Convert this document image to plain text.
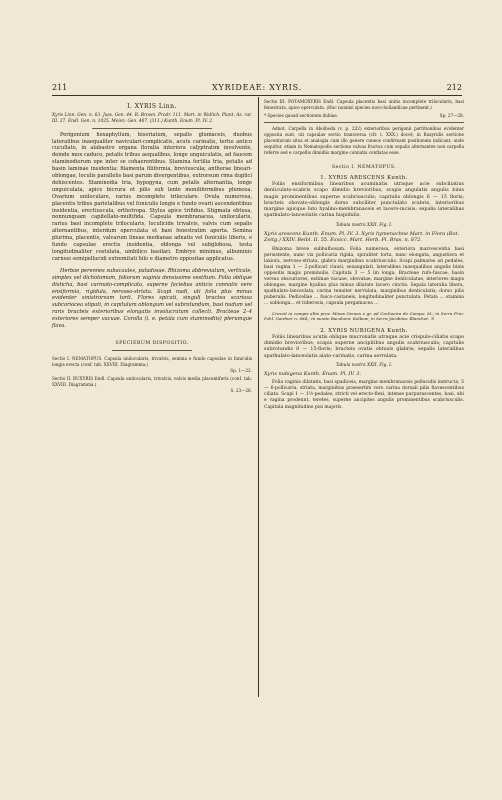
211	XYRIDEAE: XYRIS.	212

I. XYRIS Linn.

Xyris Linn. Gen. n. 63. Juss. Gen. 44. R. Brown. Prodr. 111. Mart. in Wallich. Plant. As. rar. III. 27. Endl. Gen. n. 1025. Meisn. Gen. 407. (311.) Kunth. Enum. Pl. IV. 2.

Perigonium hexaphyllum, biseriatum, sepalis glumaceis, duobus lateralibus inaequaliter naviculari-complicatis, acute carinatis, tertio antico cucullato, in alabastro organa floralia interiora calyptratim involvente, deinde mox caduco, petalis tribus aequalibus, longe unguiculatis, ad faucem staminodiorum ope inter se cohaerentibus. Stamina fertilia tria, petalis ad basin laminae insidentia: filamenta filiformia, breviuscula; antherae lineari-oblongae, loculis parallelis basi parum divergentibus, extrorsum rima duplici dehiscentes. Staminodia tria, hypogyna, cum petalis alternantia, longe unguiculata, apice bicrura et pilis sub lente moniliformibus plumosa. Ovarium uniloculare, rarius incomplete triloculare. Ovula numerosa, placentis tribus parietalibus vel funiculis longis e fundo ovarii ascendentibus insidentia, erectiuscula, orthotropa. Stylus apice trifidus. Stigmata obtusa, nonnunquam capitellato-multifida. Capsula membranacea, unilocularis, rarius basi incomplete trilocularis, loculicide trivalvis, valvis cum sepalis alternantibus, interdum operculata et basi fenestratim aperta. Semina plurima, placentis, valvarum lineae medianae adnatis vel funiculis liberis, e fundo capsulae erectis insidentia, oblonga vel subglobosa, testa longitudinaliter costulata, umbilico basilari. Embryo minimus, albuminis carnosi semipellucidi extremitati hilo e diametro oppositae applicatus.

Herbae perennes subacaules, paludosae. Rhizoma abbreviatum, verticale, simplex vel dichotomum, foliorum vaginis densissime vestitum. Folia oblique disticha, basi carinato-complicata, superne faciebus anticis connatis vere ensiformia, rigidula, nervoso-striata. Scapi nudi, uti folia plus minus evidenter sinistrorsum torti. Flores spicati, singuli bractea scariosa subcoriacea stipati, in capitulum oblongum vel subrotundum, basi nudum vel raris bracteis exterioribus elongatis involucratum collecti. Bracteae 2–4 exteriores semper vacuae. Corolla (i. e. petala cum staminodiis) plerumque flava.

SPECIERUM DISPOSITIO.

Sectio I. NEMATOPUS. Capsula unilocularis, trivalvis, semina e fundo capsulae in funiculis longis erecta (conf. tab. XXVIII. Diagramma.)

Sp. 1—22.

Sectio II. BUXYRIS Endl. Capsula unilocularis, trivalvis, valvis media placentiferis (conf. tab. XXVIII. Diagramma.)

S. 23—26.

Sectio III. POTAMOXYRIS Endl. Capsula placentis basi unitis incomplete trilocularis, basi fenestrata, apice operculata. (Huc nonnisi species novo-hollandicae pertinent.)

* Species quoad sectionem dubiae.	Sp. 27—28.

Adnot. Carpella in Abolboda (v. p. 222) exterioribus perigonii partitionibus evidenter opposita sunt, uti capsulae sectio transversa (cfr. t. XXX.) docet; in Buxyridis sectione placentarum situs et analogia cum illo genere cuneos confirmant positionem indicant; unde sequitur, etiam in Nematopodis sectione valvas fructus cum sepalis alternantes non carpella referre sed e carpellis dimidiis margine connatis conflatas esse.

Sectio I. NEMATOPUS.

1. XYRIS ARESCENS Kunth.

Foliis ensiformibus linearibus acuminatis utraque acie subciliatius denticulato-scabris scapo dimidio brevioribus, scapis angulatis angulis binis magis prominentibus superne scabriusculis; capitulis oblongis 6 — 15 floris; bracteis obovato-oblongis dorso subciliter punctulato scabris, interioribus margine apicque luto hyalino-membranaceis et lacero-incisis; sepalis lateralibus spathulato-lanceolatis carina hispidulis.

Tabula nostra XXII. Fig. I.

Xyris arescens Kunth. Enum. Pl. IV. 3. Xyris hymenachne Mart. in Flora (Bot. Zeitg.) XXIV. Beibl. II. 55. Exsicc. Mart. Herb. Fl. Bras. n. 872.

Rhizoma breve subbulbosum. Folia numerosa, exteriora marcescentia basi persistente, nunc vix pollicaria rigida, spiraliter torta, nunc elongata, angustiora et laxiora, nervoso-striata, glabra marginibus scabriusculis. Scapi palmares ad pedales, basi vagina 1 — 2-pollicari clausi, sexangulati, lateralibus inaequalibus angulis binis oppositis magis prominulis. Capitula 3 — 5 lin longa. Bracteae rufo-fuscae, basin versus obscuriores, extimae vacuae, obovatae, margine denticulatae, interiores magis oblongae, margine hyalino plus minus dilatato lacero cinctis. Sepala lateralia libera, spathulato-lanceolata, carina tenuiter nervulata, marginibus denticulatis; dorso pilis puberulis. Pedicellae ... fusco-castaneis, longitudinaliter punctulata. Petala ... stamina ... sublonga... et tuberosis, capsula pergamacea ...

Crescit in campis altis prov. Minas Geraes e gr. ad Cachoeira do Campo: M.; in Serra Frio: Pohl, Gardner n. 684.; in monte Bacalumi: Kolbow; in Serra Jacobina: Blanchet. ♃

2. XYRIS NUBIGENA Kunth.

Foliis linearibus acutis oblique mucronatis utraque acie crispulo-ciliatis scapo dimidio brevioribus; scapis superne ancipitibus angulis scabriusculis; capitulis subrotundis 8 — 15-floris; bracteis ovatis obtusis glabris; sepalis lateralibus spathulato-lanceolatis alato-carinatis, carina serrulata.

Tabula nostra XXII. Fig. I.

Xyris nubigena Kunth. Enum. Pl. IV. 3.

Folia vaginis dilatatis, basi spadiceis, margine membranaceis pellucidis instructa, 5 — 6-pollicaria, striata, marginibus praesertim vero carina dorsali pilis flavescentibus ciliata. Scapi 1 — 1½-pedales, stricti vel erecto-flexi, intense purpurascentes, basi, ubi e vagina prodeunt, teretes, superne ancipites angulis prominentibus scabriusculis. Capitula magnitudine pisi majoris.
